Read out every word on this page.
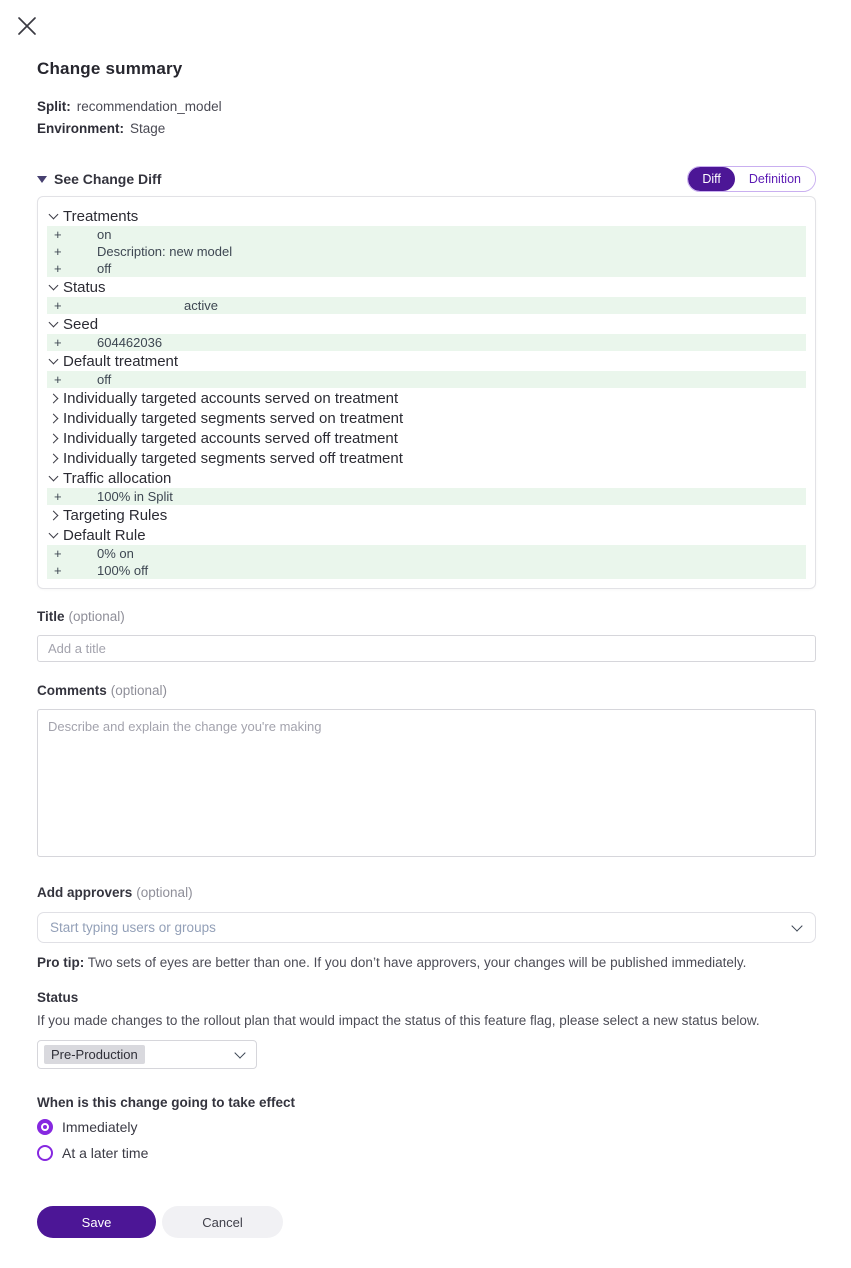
Change summary
Split: recommendation_model
Environment: Stage
See Change Diff	Diff	Definition
Treatments
+	on
+	Description: new model
+	off
Status
+	active
Seed
+	604462036
Default treatment
+	off
Individually targeted accounts served on treatment
Individually targeted segments served on treatment
Individually targeted accounts served off treatment
Individually targeted segments served off treatment
Traffic allocation
+	100% in Split
Targeting Rules
Default Rule
+	0% on
+	100% off
Title (optional)
Add a title
Comments (optional)
Describe and explain the change you're making
Add approvers (optional)
Start typing users or groups

Pro tip: Two sets of eyes are better than one. If you don’t have approvers, your changes will be published immediately.

Status

If you made changes to the rollout plan that would impact the status of this feature flag, please select a new status below.

Pre-Production
When is this change going to take effect
Immediately
At a later time
Save	Cancel
